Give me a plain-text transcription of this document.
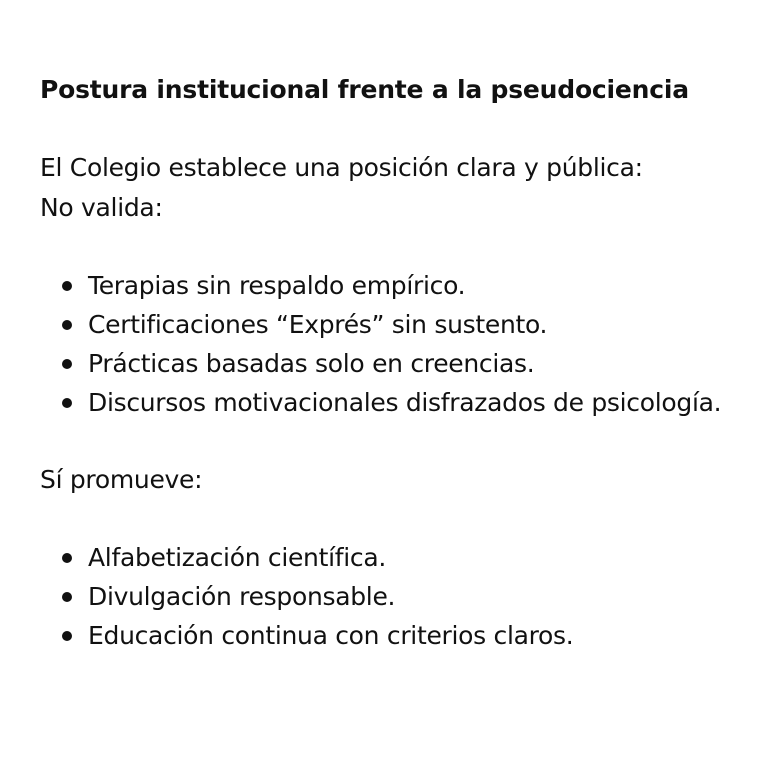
Postura institucional frente a la pseudociencia

El Colegio establece una posición clara y pública:

No valida:

Terapias sin respaldo empírico.
Certificaciones “Exprés” sin sustento.
Prácticas basadas solo en creencias.
Discursos motivacionales disfrazados de psicología.

Sí promueve:

Alfabetización científica.
Divulgación responsable.
Educación continua con criterios claros.
